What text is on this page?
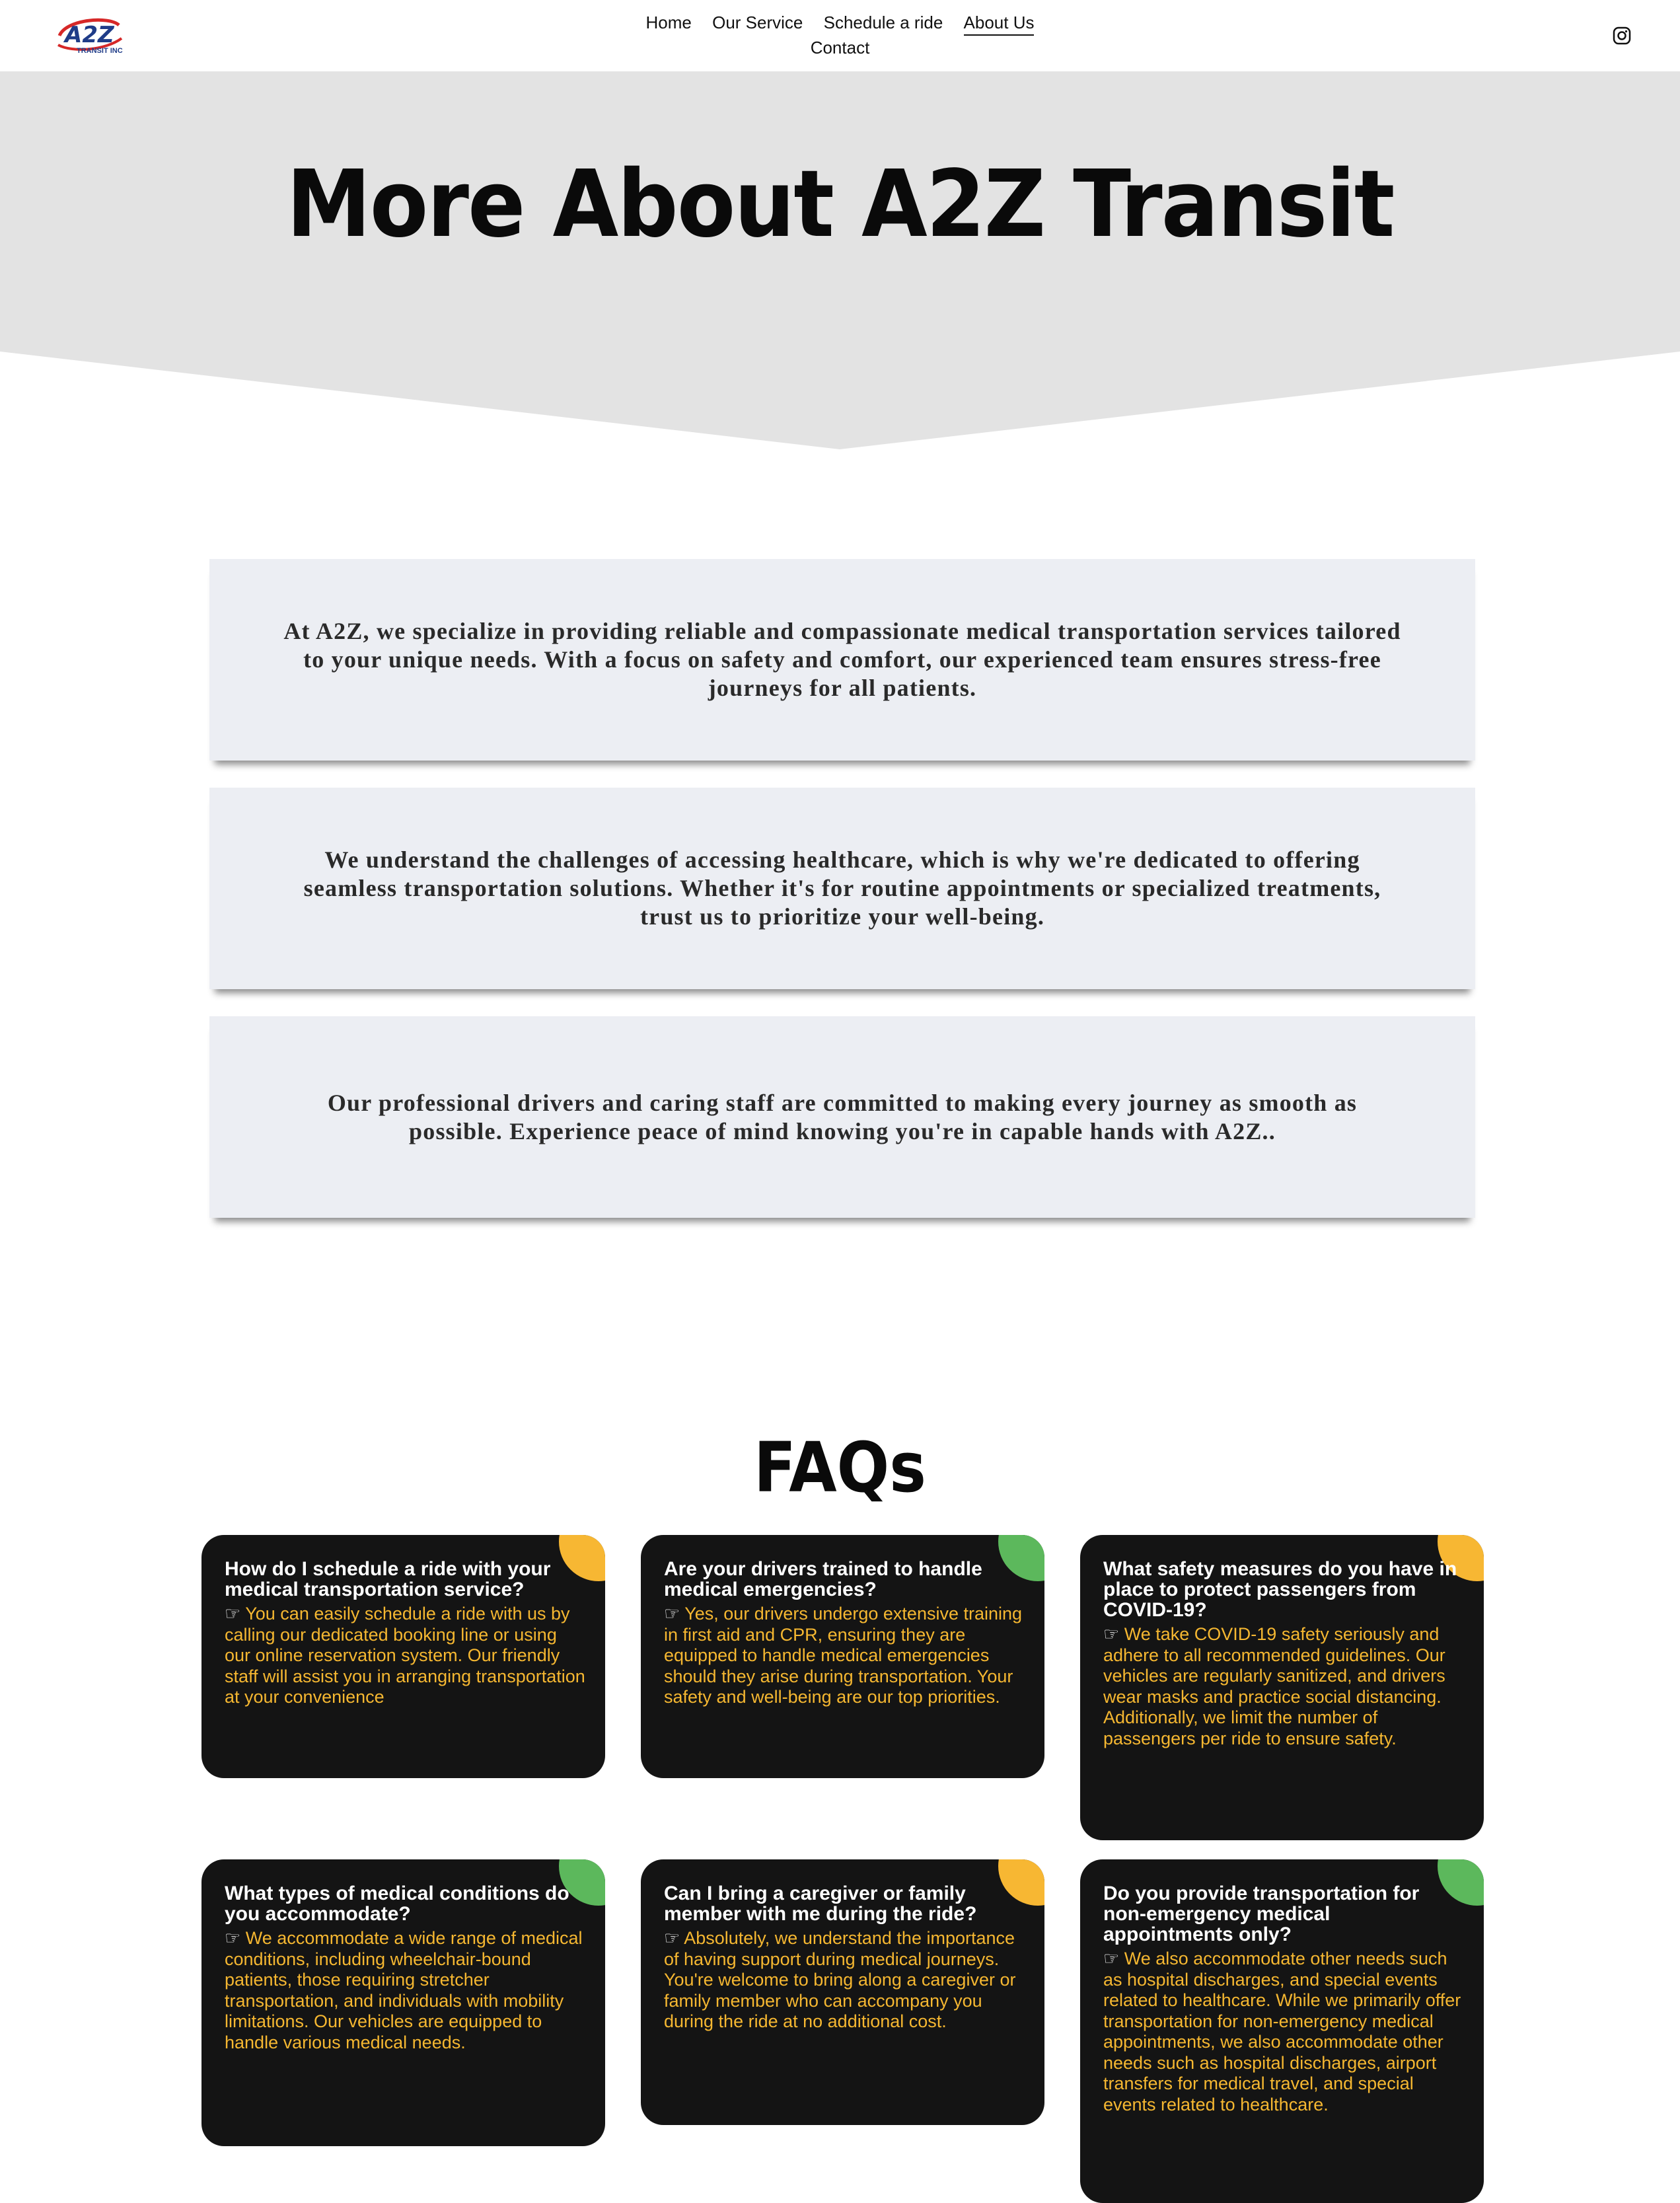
A2Z
TRANSIT INC
Home Our Service Schedule a ride About Us
Contact
More About A2Z Transit

At A2Z, we specialize in providing reliable and compassionate medical transportation services tailored to your unique needs. With a focus on safety and comfort, our experienced team ensures stress-free journeys for all patients.

We understand the challenges of accessing healthcare, which is why we're dedicated to offering seamless transportation solutions. Whether it's for routine appointments or specialized treatments, trust us to prioritize your well-being.

Our professional drivers and caring staff are committed to making every journey as smooth as possible. Experience peace of mind knowing you're in capable hands with A2Z..

FAQs

How do I schedule a ride with your medical transportation service?

☞ You can easily schedule a ride with us by calling our dedicated booking line or using our online reservation system. Our friendly staff will assist you in arranging transportation at your convenience

Are your drivers trained to handle medical emergencies?

☞ Yes, our drivers undergo extensive training in first aid and CPR, ensuring they are equipped to handle medical emergencies should they arise during transportation. Your safety and well-being are our top priorities.

What safety measures do you have in place to protect passengers from COVID-19?

☞ We take COVID-19 safety seriously and adhere to all recommended guidelines. Our vehicles are regularly sanitized, and drivers wear masks and practice social distancing. Additionally, we limit the number of passengers per ride to ensure safety.

What types of medical conditions do you accommodate?

☞ We accommodate a wide range of medical conditions, including wheelchair-bound patients, those requiring stretcher transportation, and individuals with mobility limitations. Our vehicles are equipped to handle various medical needs.

Can I bring a caregiver or family member with me during the ride?

☞ Absolutely, we understand the importance of having support during medical journeys. You're welcome to bring along a caregiver or family member who can accompany you during the ride at no additional cost.

Do you provide transportation for non-emergency medical appointments only?

☞ We also accommodate other needs such as hospital discharges, and special events related to healthcare. While we primarily offer transportation for non-emergency medical appointments, we also accommodate other needs such as hospital discharges, airport transfers for medical travel, and special events related to healthcare.
